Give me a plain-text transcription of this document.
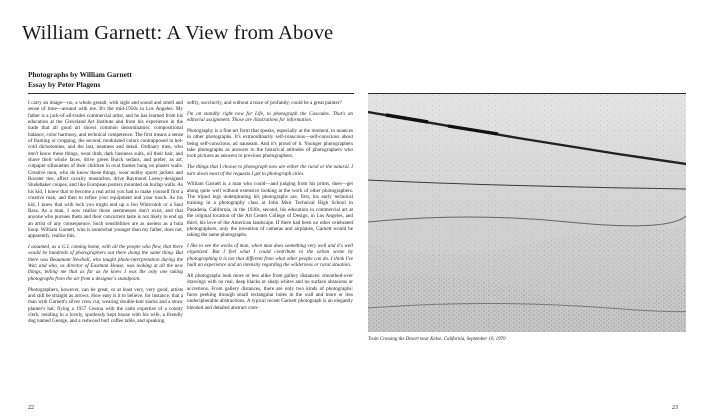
William Garnett: A View from Above
Photographs by William Garnett
Essay by Peter Plagens

I carry an image—no, a whole gestalt, with sight and sound and smell and sense of time—around with me. It's the mid-1950s in Los Angeles. My father is a jack-of-all-trades commercial artist, and he has learned from his education at the Cleveland Art Institute and from his experience in the trade that all good art shows common denominators: compositional balance, color harmony, and technical competence. The first means a sense of framing or cropping, the second, modulated colors contrapposed in hot-cold dichotomies, and the last, neatness and detail. Ordinary men, who don't know these things, wear drab, dark business suits, oil their hair, and shave their whole faces, drive green Buick sedans, and prefer, as art, cutpaper silhouettes of their children in oval frames hung on plaster walls. Creative men, who do know these things, wear nubby sports jackets and Rooster ties, affect cavalry mustaches, drive Raymond Loewy-designed Studebaker coupes, and like European posters mounted on burlap walls. As his kid, I knew that to become a real artist you had to make yourself first a creative man, and then to refine your equipment and your touch. As his kid, I knew that with luck you might end up a Jon Whitcomb or a Saul Bass. As a man, I now realize those seemnesses don't exist, and that anyone who pursues them and their concurrent taste is not likely to end up an artist of any consequence. Such sensibilities are as useless as a hula hoop. William Garnett, who is somewhat younger than my father, does not, apparently, realize this.

I assumed, as a G.I. coming home, with all the people who flew, that there would be hundreds of photographers out there doing the same thing. But there was Beaumont Newhall, who taught photo-interpretation during the War, and who, as director of Eastman House, was looking at all the new things, telling me that as far as he knew I was the only one taking photographs from the air from a designer's standpoint.

Photographers, however, can be great, or at least very, very good, artists and still be straight as arrows. How easy is it to believe, for instance, that a man with Garnett's silver crew cut, wearing double-knit slacks and a straw planter's hat, flying a 1957 Cessna with the calm expertise of a county clerk, residing in a lovely, spotlessly kept house with his wife, a friendly dog named George, and a redwood burl coffee table, and speaking

softly, succinctly, and without a trace of profanity, could be a great painter?

I'm on standby right now for Life, to photograph the Cascades. That's an editorial assignment. Those are illustrations for information.

Photography is a fine-art form that speaks, especially at the moment, to nuances in other photographs. It's extraordinarily self-conscious—self-conscious about being self-conscious, ad nauseam. And it's proud of it. Younger photographers take photographs as answers to the historical attitudes of photographers who took pictures as answers to previous photographers.

The things that I choose to photograph now are either the rural or the natural. I turn down most of the requests I get to photograph cities.

William Garnett is a man who could—and judging from his prints, does—get along quite well without extensive looking at the work of other photographers. The tripod legs underpinning his photographs are, first, his early technical training in a photography class at John Muir Technical High School in Pasadena, California, in the 1930s, second, his education in commercial art at the original location of the Art Center College of Design, in Los Angeles, and third, his love of the American landscape. If there had been no other celebrated photographers, only the invention of cameras and airplanes, Garnett would be taking the same photographs.

I like to see the works of man, when man does something very well and it's well organized. But I feel what I could contribute to the urban scene by photographing it is not that different from what other people can do. I think I've built an experience and an intensity regarding the wilderness or rural situation.

All photographs look more or less alike from gallery distances: smoothed-over drawings with no real, deep blacks or sharp whites and no surface abrasions or accretions. From gallery distances, there are only two kinds of photographs: faces peeking through small rectangular holes in the wall and more or less undecipherable abstractions. A typical recent Garnett photograph is an elegantly blended and detailed abstract com-

Train Crossing the Desert near Kelso, California, September 10, 1970
22	23
